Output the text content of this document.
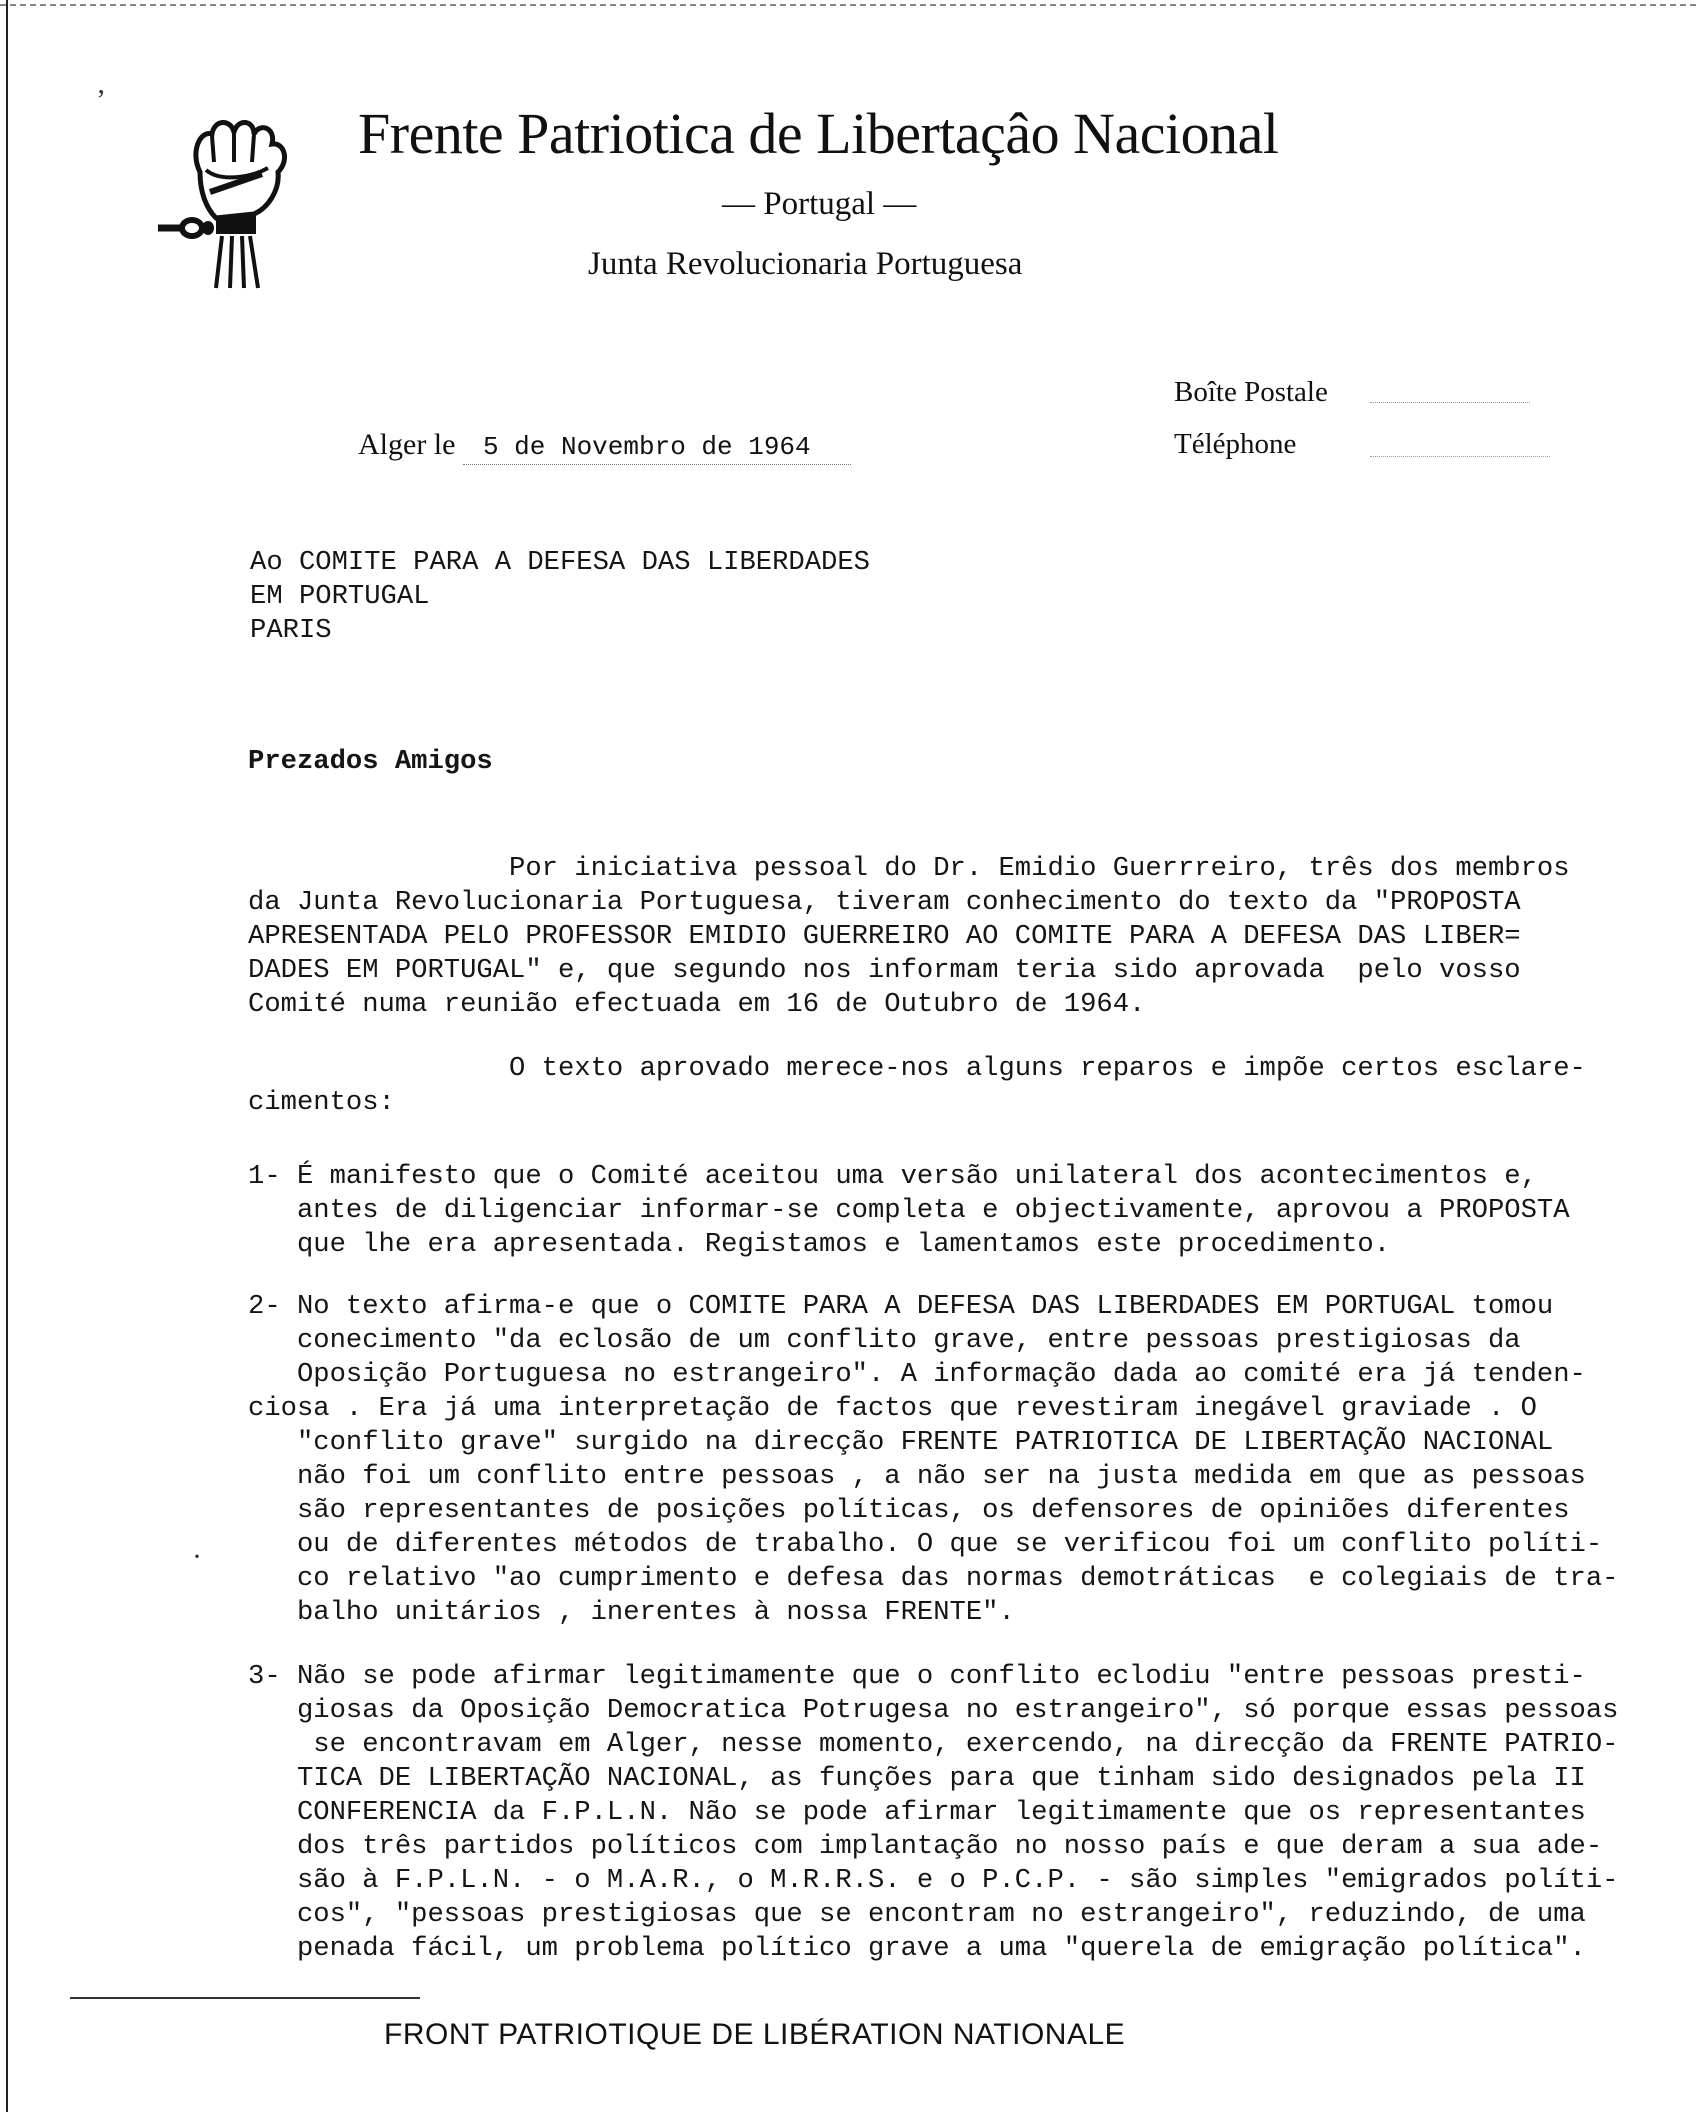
ʼ
Frente Patriotica de Libertaçâo Nacional
— Portugal —
Junta Revolucionaria Portuguesa
Boîte Postale
Téléphone
Alger le 5 de Novembro de 1964
Ao COMITE PARA A DEFESA DAS LIBERDADES
EM PORTUGAL
PARIS
Prezados Amigos
Por iniciativa pessoal do Dr. Emidio Guerrreiro, três dos membros
da Junta Revolucionaria Portuguesa, tiveram conhecimento do texto da "PROPOSTA
APRESENTADA PELO PROFESSOR EMIDIO GUERREIRO AO COMITE PARA A DEFESA DAS LIBER=
DADES EM PORTUGAL" e, que segundo nos informam teria sido aprovada  pelo vosso
Comité numa reunião efectuada em 16 de Outubro de 1964.
O texto aprovado merece-nos alguns reparos e impõe certos esclare-
cimentos:
1- É manifesto que o Comité aceitou uma versão unilateral dos acontecimentos e,
antes de diligenciar informar-se completa e objectivamente, aprovou a PROPOSTA
que lhe era apresentada. Registamos e lamentamos este procedimento.
2- No texto afirma-e que o COMITE PARA A DEFESA DAS LIBERDADES EM PORTUGAL tomou
conecimento "da eclosão de um conflito grave, entre pessoas prestigiosas da
Oposição Portuguesa no estrangeiro". A informação dada ao comité era já tenden-
ciosa . Era já uma interpretação de factos que revestiram inegável graviade . O
"conflito grave" surgido na direcção FRENTE PATRIOTICA DE LIBERTAÇÃO NACIONAL
não foi um conflito entre pessoas , a não ser na justa medida em que as pessoas
são representantes de posições políticas, os defensores de opiniões diferentes
ou de diferentes métodos de trabalho. O que se verificou foi um conflito políti-
co relativo "ao cumprimento e defesa das normas demotráticas  e colegiais de tra-
balho unitários , inerentes à nossa FRENTE".
3- Não se pode afirmar legitimamente que o conflito eclodiu "entre pessoas presti-
giosas da Oposição Democratica Potrugesa no estrangeiro", só porque essas pessoas
se encontravam em Alger, nesse momento, exercendo, na direcção da FRENTE PATRIO-
TICA DE LIBERTAÇÃO NACIONAL, as funções para que tinham sido designados pela II
CONFERENCIA da F.P.L.N. Não se pode afirmar legitimamente que os representantes
dos três partidos políticos com implantação no nosso país e que deram a sua ade-
são à F.P.L.N. - o M.A.R., o M.R.R.S. e o P.C.P. - são simples "emigrados políti-
cos", "pessoas prestigiosas que se encontram no estrangeiro", reduzindo, de uma
penada fácil, um problema político grave a uma "querela de emigração política".
·
FRONT PATRIOTIQUE DE LIBÉRATION NATIONALE
